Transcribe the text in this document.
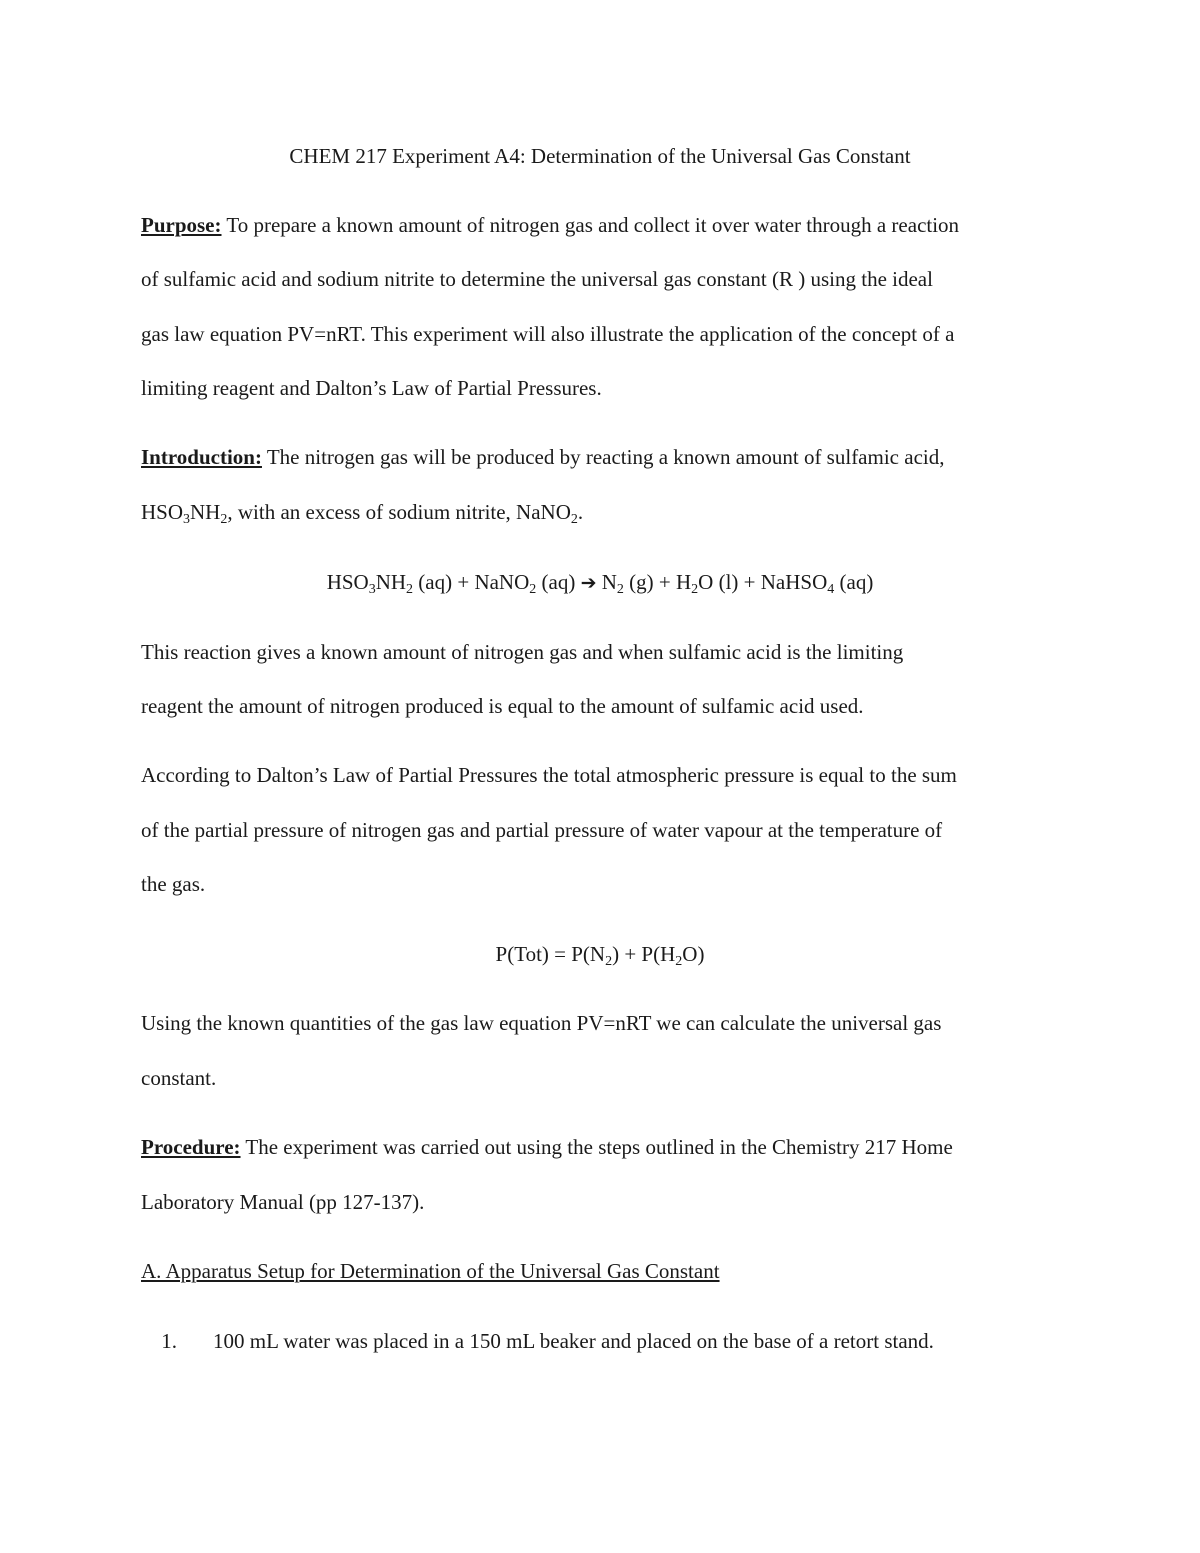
CHEM 217 Experiment A4: Determination of the Universal Gas Constant
Purpose: To prepare a known amount of nitrogen gas and collect it over water through a reaction
of sulfamic acid and sodium nitrite to determine the universal gas constant (R ) using the ideal
gas law equation PV=nRT. This experiment will also illustrate the application of the concept of a
limiting reagent and Dalton’s Law of Partial Pressures.
Introduction: The nitrogen gas will be produced by reacting a known amount of sulfamic acid,
$HSO_3NH_2$, with an excess of sodium nitrite, NaNO$_2$.
$HSO_3NH_2$ (aq) + NaNO$_2$ (aq) ➔ $N_2$ $(g) + H_2O$ (l) + NaHSO$_4$ (aq)
This reaction gives a known amount of nitrogen gas and when sulfamic acid is the limiting
reagent the amount of nitrogen produced is equal to the amount of sulfamic acid used.
According to Dalton’s Law of Partial Pressures the total atmospheric pressure is equal to the sum
of the partial pressure of nitrogen gas and partial pressure of water vapour at the temperature of
the gas.
$P(Tot) = P(N_2) + P(H_2O)$
Using the known quantities of the gas law equation PV=nRT we can calculate the universal gas
constant.
Procedure: The experiment was carried out using the steps outlined in the Chemistry 217 Home
Laboratory Manual (pp 127-137).
A. Apparatus Setup for Determination of the Universal Gas Constant
1. 100 mL water was placed in a 150 mL beaker and placed on the base of a retort stand.
